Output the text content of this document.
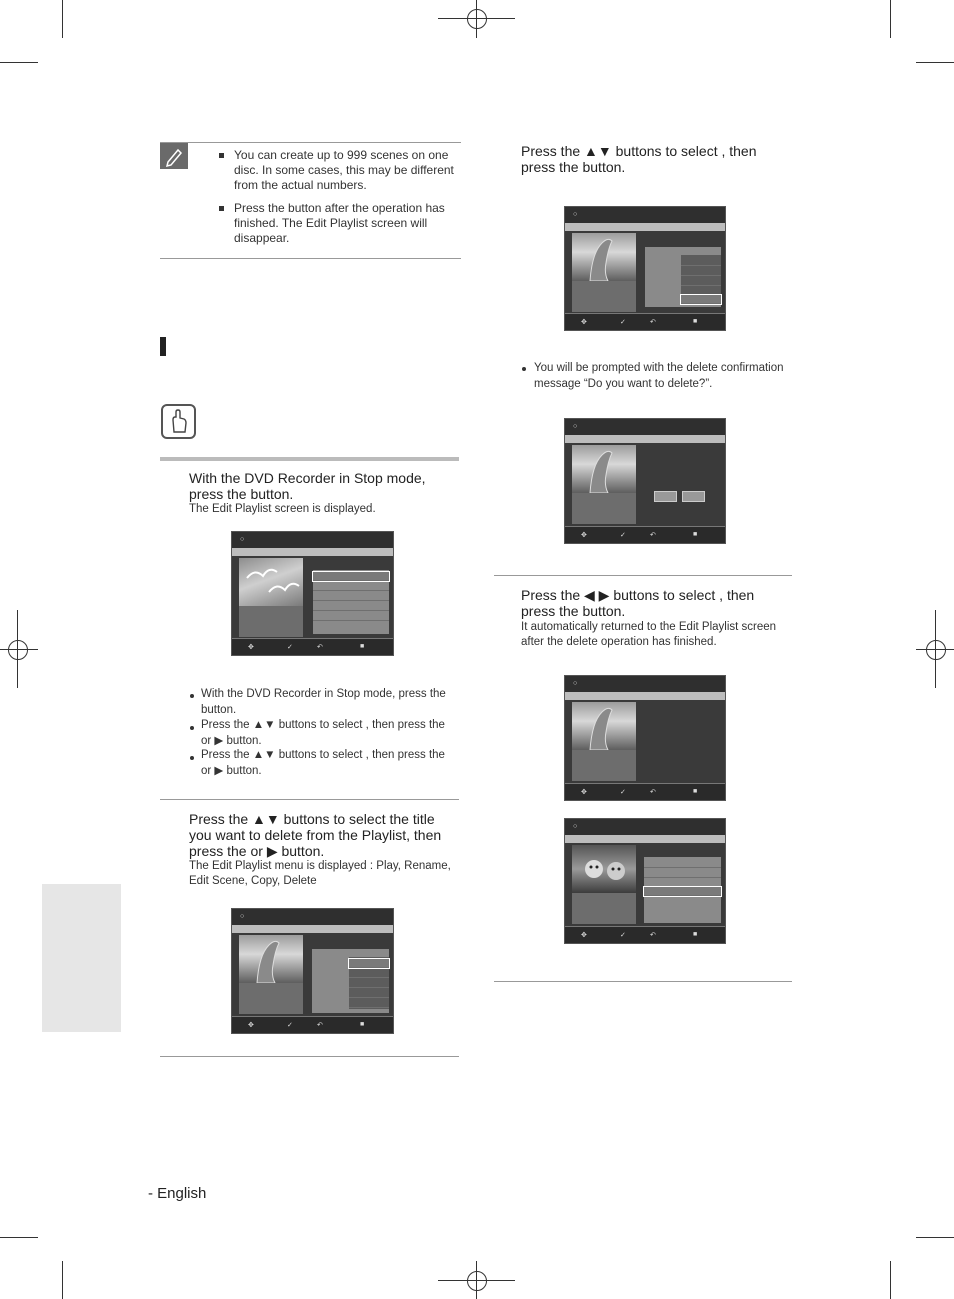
You can create up to 999 scenes on one disc. In some cases, this may be different from the actual numbers.
Press the button after the operation has finished. The Edit Playlist screen will disappear.
With the DVD Recorder in Stop mode, press the button.
The Edit Playlist screen is displayed.
○
✥	✓	↶	■
With the DVD Recorder in Stop mode, press the button.
Press the ▲▼ buttons to select , then press the or ▶ button.
Press the ▲▼ buttons to select , then press the or ▶ button.
Press the ▲▼ buttons to select the title you want to delete from the Playlist, then press the or ▶ button.
The Edit Playlist menu is displayed : Play, Rename, Edit Scene, Copy, Delete
○
✥	✓	↶	■
Press the ▲▼ buttons to select , then press the button.
○
✥	✓	↶	■
You will be prompted with the delete confirmation message “Do you want to delete?”.
○
✥	✓	↶	■
Press the ◀ ▶ buttons to select , then press the button.
It automatically returned to the Edit Playlist screen after the delete operation has finished.
○
✥	✓	↶	■
○
✥	✓	↶	■
- English
